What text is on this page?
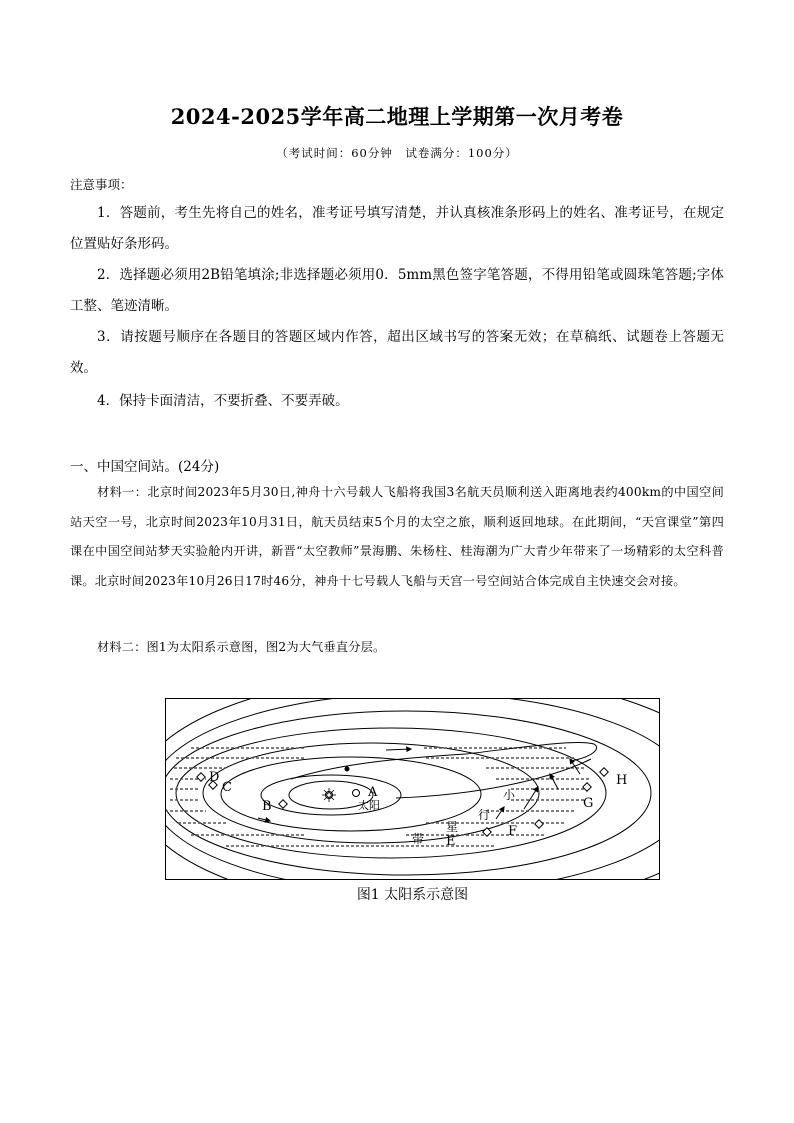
2024-2025学年高二地理上学期第一次月考卷
（考试时间：60分钟　试卷满分：100分）
注意事项：
1．答题前，考生先将自己的姓名，准考证号填写清楚，并认真核准条形码上的姓名、准考证号，在规定位置贴好条形码。
2．选择题必须用2B铅笔填涂;非选择题必须用0．5mm黑色签字笔答题，不得用铅笔或圆珠笔答题;字体工整、笔迹清晰。
3．请按题号顺序在各题目的答题区域内作答，超出区域书写的答案无效；在草稿纸、试题卷上答题无效。
4．保持卡面清洁，不要折叠、不要弄破。
一、中国空间站。(24分)
材料一：北京时间2023年5月30日,神舟十六号载人飞船将我国3名航天员顺利送入距离地表约400km的中国空间站天空一号，北京时间2023年10月31日，航天员结束5个月的太空之旅，顺利返回地球。在此期间，“天宫课堂”第四课在中国空间站梦天实验舱内开讲，新晋“太空教师”景海鹏、朱杨柱、桂海潮为广大青少年带来了一场精彩的太空科普课。北京时间2023年10月26日17时46分，神舟十七号载人飞船与天宫一号空间站合体完成自主快速交会对接。
材料二：图1为太阳系示意图，图2为大气垂直分层。
A
太阳
B
C
D
E
F
G
H
小
行
星
带
图1 太阳系示意图
